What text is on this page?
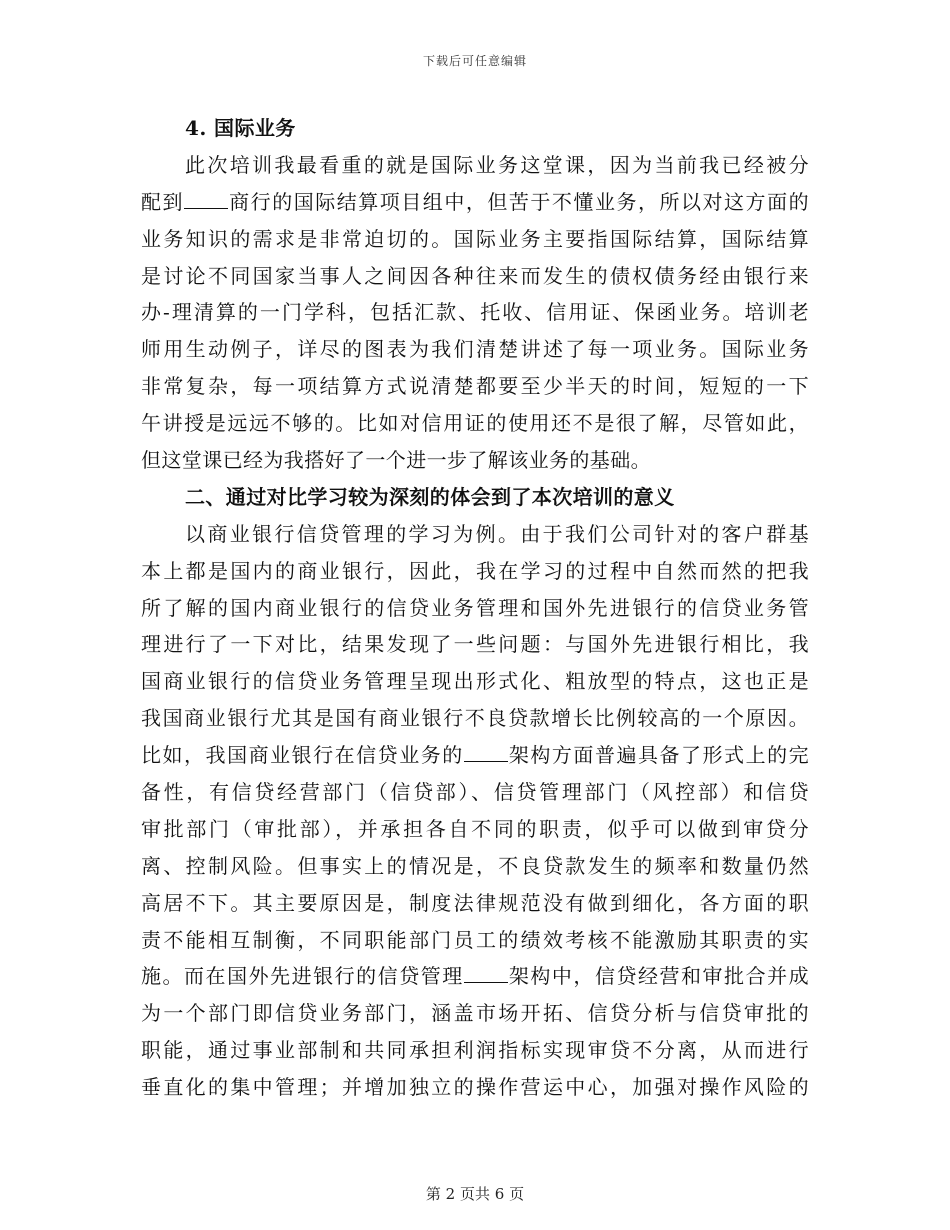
下载后可任意编辑
4. 国际业务
此次培训我最看重的就是国际业务这堂课，因为当前我已经被分
配到 商行的国际结算项目组中，但苦于不懂业务，所以对这方面的
业务知识的需求是非常迫切的。国际业务主要指国际结算，国际结算
是讨论不同国家当事人之间因各种往来而发生的债权债务经由银行来
办-理清算的一门学科，包括汇款、托收、信用证、保函业务。培训老
师用生动例子，详尽的图表为我们清楚讲述了每一项业务。国际业务
非常复杂，每一项结算方式说清楚都要至少半天的时间，短短的一下
午讲授是远远不够的。比如对信用证的使用还不是很了解，尽管如此，
但这堂课已经为我搭好了一个进一步了解该业务的基础。
二、通过对比学习较为深刻的体会到了本次培训的意义
以商业银行信贷管理的学习为例。由于我们公司针对的客户群基
本上都是国内的商业银行，因此，我在学习的过程中自然而然的把我
所了解的国内商业银行的信贷业务管理和国外先进银行的信贷业务管
理进行了一下对比，结果发现了一些问题：与国外先进银行相比，我
国商业银行的信贷业务管理呈现出形式化、粗放型的特点，这也正是
我国商业银行尤其是国有商业银行不良贷款增长比例较高的一个原因。
比如，我国商业银行在信贷业务的 架构方面普遍具备了形式上的完
备性，有信贷经营部门（信贷部）、信贷管理部门（风控部）和信贷
审批部门（审批部），并承担各自不同的职责，似乎可以做到审贷分
离、控制风险。但事实上的情况是，不良贷款发生的频率和数量仍然
高居不下。其主要原因是，制度法律规范没有做到细化，各方面的职
责不能相互制衡，不同职能部门员工的绩效考核不能激励其职责的实
施。而在国外先进银行的信贷管理 架构中，信贷经营和审批合并成
为一个部门即信贷业务部门，涵盖市场开拓、信贷分析与信贷审批的
职能，通过事业部制和共同承担利润指标实现审贷不分离，从而进行
垂直化的集中管理；并增加独立的操作营运中心，加强对操作风险的
第 2 页共 6 页
